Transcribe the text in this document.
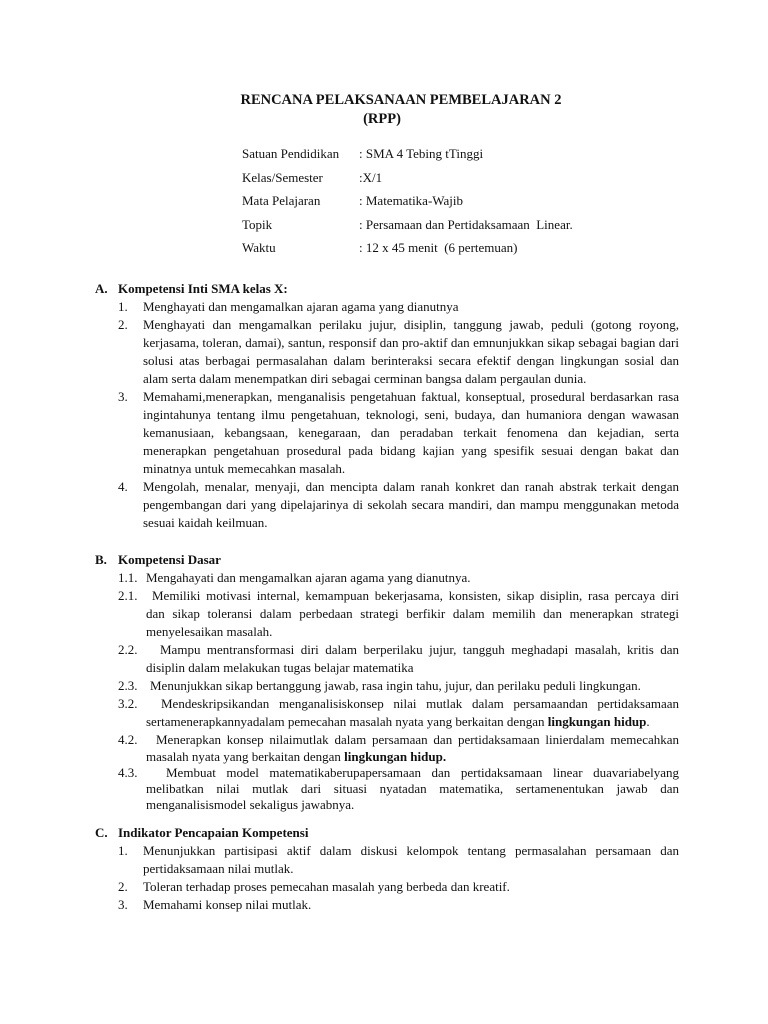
RENCANA PELAKSANAAN PEMBELAJARAN 2
(RPP)
Satuan Pendidikan : SMA 4 Tebing tTinggi
Kelas/Semester	:X/1
Mata Pelajaran	: Matematika-Wajib
Topik	: Persamaan dan Pertidaksamaan  Linear.
Waktu	: 12 x 45 menit  (6 pertemuan)
A. Kompetensi Inti SMA kelas X:
1. Menghayati dan mengamalkan ajaran agama yang dianutnya
2. Menghayati dan mengamalkan perilaku jujur, disiplin, tanggung jawab, peduli (gotong royong,
kerjasama, toleran, damai), santun, responsif dan pro-aktif dan emnunjukkan sikap sebagai bagian dari
solusi atas berbagai permasalahan dalam berinteraksi secara efektif dengan lingkungan sosial dan
alam serta dalam menempatkan diri sebagai cerminan bangsa dalam pergaulan dunia.
3. Memahami,menerapkan, menganalisis pengetahuan faktual, konseptual, prosedural berdasarkan rasa
ingintahunya tentang ilmu pengetahuan, teknologi, seni, budaya, dan humaniora dengan wawasan
kemanusiaan, kebangsaan, kenegaraan, dan peradaban terkait fenomena dan kejadian, serta
menerapkan pengetahuan prosedural pada bidang kajian yang spesifik sesuai dengan bakat dan
minatnya untuk memecahkan masalah.
4. Mengolah, menalar, menyaji, dan mencipta dalam ranah konkret dan ranah abstrak terkait dengan
pengembangan dari yang dipelajarinya di sekolah secara mandiri, dan mampu menggunakan metoda
sesuai kaidah keilmuan.
B. Kompetensi Dasar
1.1. Mengahayati dan mengamalkan ajaran agama yang dianutnya.
2.1.	Memiliki motivasi internal, kemampuan bekerjasama, konsisten, sikap disiplin, rasa percaya diri
dan sikap toleransi dalam perbedaan strategi berfikir dalam memilih dan menerapkan strategi
menyelesaikan masalah.
2.2.	Mampu mentransformasi diri dalam berperilaku jujur, tangguh meghadapi masalah, kritis dan
disiplin dalam melakukan tugas belajar matematika
2.3. Menunjukkan sikap bertanggung jawab, rasa ingin tahu, jujur, dan perilaku peduli lingkungan.
3.2.	Mendeskripsikandan menganalisiskonsep nilai mutlak dalam persamaandan pertidaksamaan
sertamenerapkannyadalam pemecahan masalah nyata yang berkaitan dengan lingkungan hidup.
4.2.	Menerapkan konsep nilaimutlak dalam persamaan dan pertidaksamaan linierdalam memecahkan
masalah nyata yang berkaitan dengan lingkungan hidup.
4.3.	Membuat model matematikaberupapersamaan dan pertidaksamaan linear duavariabelyang
melibatkan nilai mutlak dari situasi nyatadan matematika, sertamenentukan jawab dan
menganalisismodel sekaligus jawabnya.
C. Indikator Pencapaian Kompetensi
1. Menunjukkan partisipasi aktif dalam diskusi kelompok tentang permasalahan persamaan dan
pertidaksamaan nilai mutlak.
2. Toleran terhadap proses pemecahan masalah yang berbeda dan kreatif.
3. Memahami konsep nilai mutlak.
